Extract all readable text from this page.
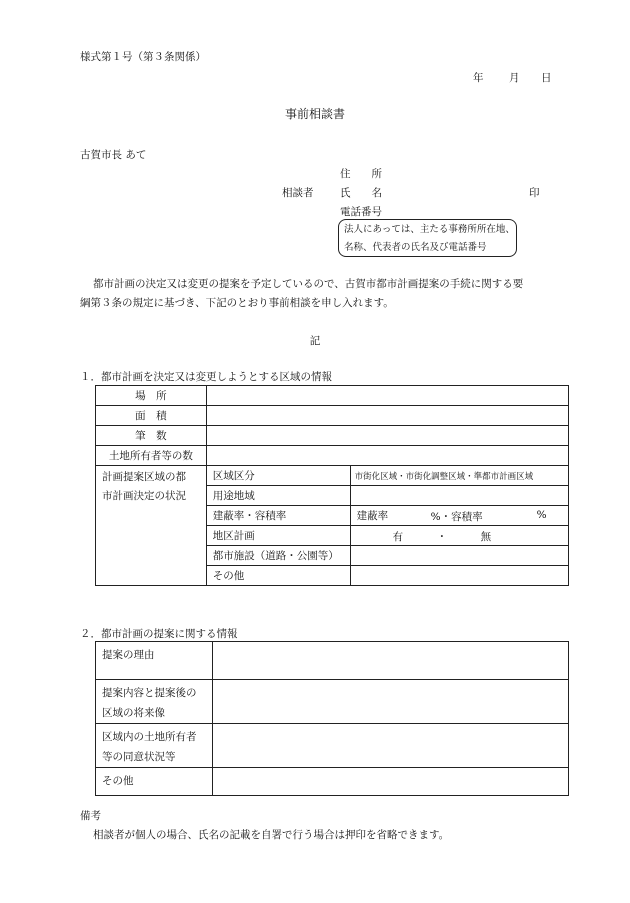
様式第１号（第３条関係）
年 月 日
事前相談書
古賀市長 あて
住　　所
相談者	氏　　名	印
電話番号
法人にあっては、主たる事務所所在地、
名称、代表者の氏名及び電話番号
都市計画の決定又は変更の提案を予定しているので、古賀市都市計画提案の手続に関する要
綱第３条の規定に基づき、下記のとおり事前相談を申し入れます。
記
１．都市計画を決定又は変更しようとする区域の情報
場　所		
面　積		
筆　数		
土地所有者等の数		

計画提案区域の都
市計画決定の状況	区域区分	市街化区域・市街化調整区域・準都市計画区域
	用途地域	
	建蔽率・容積率	建蔽率 %・容積率 %

	地区計画	有 ・ 無

	都市施設（道路・公園等）	
	その他	
２．都市計画の提案に関する情報
提案の理由	

提案内容と提案後の
区域の将来像	

区域内の土地所有者
等の同意状況等	

その他	
備考
相談者が個人の場合、氏名の記載を自署で行う場合は押印を省略できます。
